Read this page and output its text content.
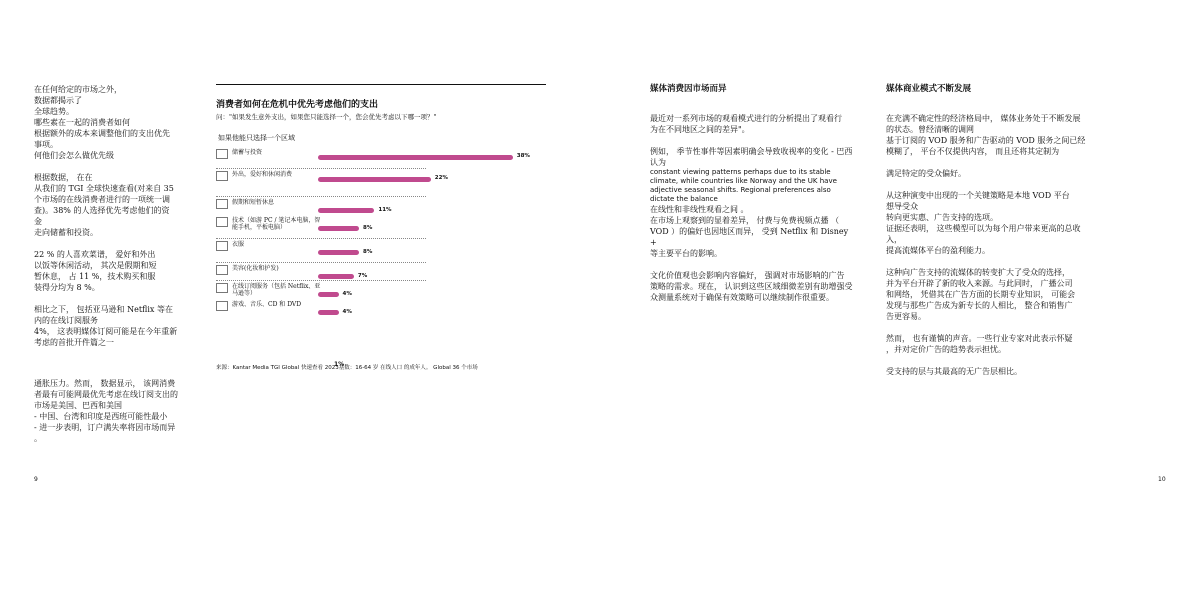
在任何给定的市场之外，
数据都揭示了
全球趋势。
哪些素在一起的消费者如何
根据额外的成本来调整他们的支出优先
事项。
何他们会怎么做优先级

根据数据， 在在
从我们的 TGI 全球快速查看(对来自 35
个市场的在线消费者进行的一项统一调
查)。38% 的人选择优先考虑他们的资
金
走向储蓄和投资。

22 % 的人喜欢菜谱， 爱好和外出
以饭等休闲活动， 其次是假期和短
暂休息， 占 11 %，技术购买和服
装得分均为 8 %。

相比之下， 包括亚马逊和 Netflix 等在
内的在线订阅服务
4%， 这表明媒体订阅可能是在今年重新
考虑的首批开件篇之一

通胀压力。然而， 数据显示， 该网消费
者最有可能网最优先考虑在线订阅支出的
市场是美国、巴西和美国
- 中国、台湾和印度是西班可能性最小
- 进一步表明，订户满失率将因市场而异
。

9
消费者如何在危机中优先考虑他们的支出
问："如果发生意外支出，如果您只能选择一个，您会优先考虑以下哪一项？"
如果他能只选择一个区域
储蓄与投资	38%
外出，爱好和休闲消费	22%
假期和短暂休息
11%
技术（如游 PC / 笔记本电脑，智能手机，平板电脑）	8%
衣服
8%
美容(化妆和护发)
7%
在线订阅服务（包括 Netflix、亚马逊等）	4%
游戏、音乐、CD 和 DVD
4%
1%
来源：Kantar Media TGI Global 快速查看 2023基数：16-64 岁 在线人口 的成年人。 Global 36 个市场
媒体消费因市场而异

最近对一系列市场的观看模式进行的分析提出了观看行
为在不同地区之间的差异"。

例如， 季节性事件等因素明确会导致收视率的变化 - 巴西
认为
constant viewing patterns perhaps due to its stable
climate, while countries like Norway and the UK have
adjective seasonal shifts. Regional preferences also
dictate the balance
在线性和非线性观看之间 。
在市场上观察到的显着差异， 付费与免费视频点播 （
VOD ）的偏好也因地区而异， 受到 Netflix 和 Disney +
等主要平台的影响。

文化价值观也会影响内容偏好， 强调对市场影响的广告
策略的需求。现在， 认识到这些区域细微差别有助增强受
众测量系统对于确保有效策略可以继续制作很重要。

媒体商业模式不断发展

在充满不确定性的经济格局中， 媒体业务处于不断发展
的状态。曾经清晰的调网
基于订阅的 VOD 服务和广告驱动的 VOD 服务之间已经
模糊了， 平台不仅提供内容， 而且还将其定制为

满足特定的受众偏好。

从这种演变中出现的一个关键策略是本地 VOD 平台
想导受众
转向更实惠、广告支持的选项。
证据还表明， 这些模型可以为每个用户带来更高的总收入，
提高流媒体平台的盈利能力。

这种向广告支持的流媒体的转变扩大了受众的选择，
并为平台开辟了新的收入来源。与此同时， 广播公司
和网络， 凭借其在广告方面的长期专业知识， 可能会
发现与那些广告成为新专长的人相比， 整合和销售广
告更容易。

然而， 也有谨慎的声音。一些行业专家对此表示怀疑
，并对定价广告的趋势表示担忧。

受支持的层与其最高的无广告层相比。

10
